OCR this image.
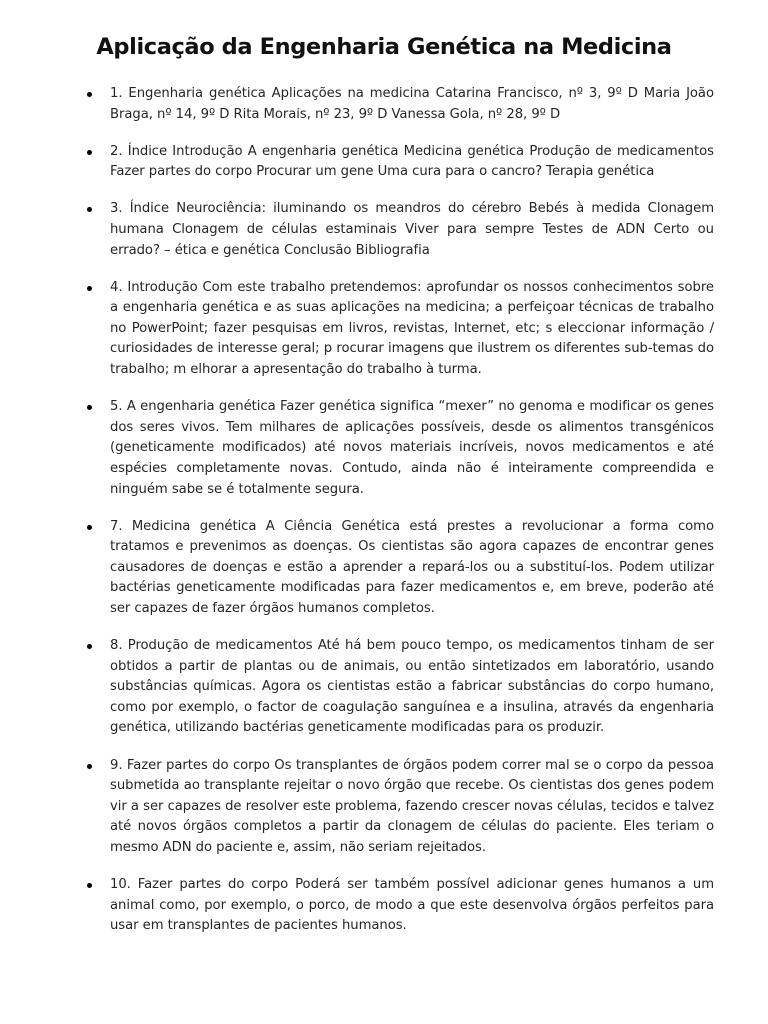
Aplicação da Engenharia Genética na Medicina
1. Engenharia genética Aplicações na medicina Catarina Francisco, nº 3, 9º D Maria João Braga, nº 14, 9º D Rita Morais, nº 23, 9º D Vanessa Gola, nº 28, 9º D
2. Índice Introdução A engenharia genética Medicina genética Produção de medicamentos Fazer partes do corpo Procurar um gene Uma cura para o cancro? Terapia genética
3. Índice Neurociência: iluminando os meandros do cérebro Bebés à medida Clonagem humana Clonagem de células estaminais Viver para sempre Testes de ADN Certo ou errado? – ética e genética Conclusão Bibliografia
4. Introdução Com este trabalho pretendemos: aprofundar os nossos conhecimentos sobre a engenharia genética e as suas aplicações na medicina; a perfeiçoar técnicas de trabalho no PowerPoint; fazer pesquisas em livros, revistas, Internet, etc; s eleccionar informação / curiosidades de interesse geral; p rocurar imagens que ilustrem os diferentes sub-temas do trabalho; m elhorar a apresentação do trabalho à turma.
5. A engenharia genética Fazer genética significa “mexer” no genoma e modificar os genes dos seres vivos. Tem milhares de aplicações possíveis, desde os alimentos transgénicos (geneticamente modificados) até novos materiais incríveis, novos medicamentos e até espécies completamente novas. Contudo, ainda não é inteiramente compreendida e ninguém sabe se é totalmente segura.
7. Medicina genética A Ciência Genética está prestes a revolucionar a forma como tratamos e prevenimos as doenças. Os cientistas são agora capazes de encontrar genes causadores de doenças e estão a aprender a repará-los ou a substituí-los. Podem utilizar bactérias geneticamente modificadas para fazer medicamentos e, em breve, poderão até ser capazes de fazer órgãos humanos completos.
8. Produção de medicamentos Até há bem pouco tempo, os medicamentos tinham de ser obtidos a partir de plantas ou de animais, ou então sintetizados em laboratório, usando substâncias químicas. Agora os cientistas estão a fabricar substâncias do corpo humano, como por exemplo, o factor de coagulação sanguínea e a insulina, através da engenharia genética, utilizando bactérias geneticamente modificadas para os produzir.
9. Fazer partes do corpo Os transplantes de órgãos podem correr mal se o corpo da pessoa submetida ao transplante rejeitar o novo órgão que recebe. Os cientistas dos genes podem vir a ser capazes de resolver este problema, fazendo crescer novas células, tecidos e talvez até novos órgãos completos a partir da clonagem de células do paciente. Eles teriam o mesmo ADN do paciente e, assim, não seriam rejeitados.
10. Fazer partes do corpo Poderá ser também possível adicionar genes humanos a um animal como, por exemplo, o porco, de modo a que este desenvolva órgãos perfeitos para usar em transplantes de pacientes humanos.
